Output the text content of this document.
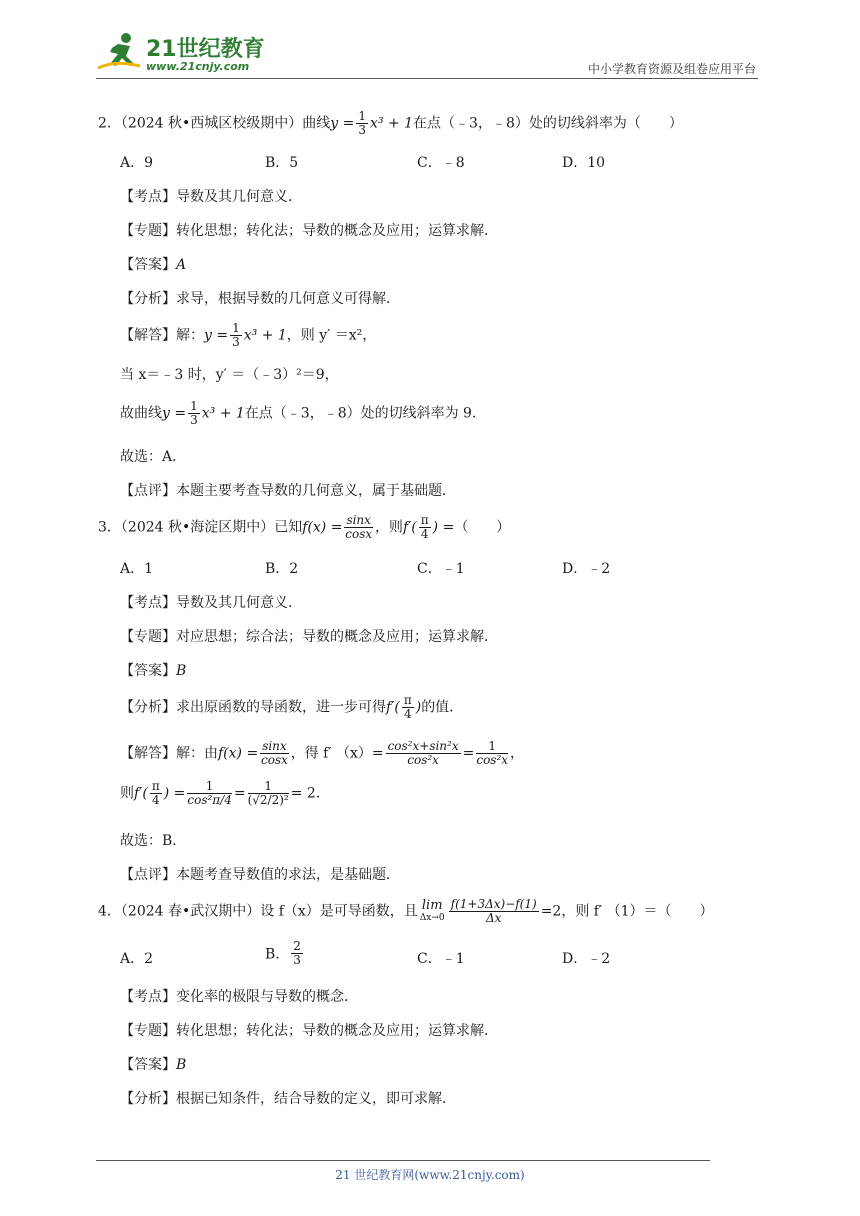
21世纪教育
www.21cnjy.com	中小学教育资源及组卷应用平台
2．（2024 秋•西城区校级期中）曲线$y = \frac{1}{3} x^3 + 1$在点（﹣3，﹣8）处的切线斜率为（　　）
A．9	B．5	C．﹣8	D．10
【考点】导数及其几何意义．
【专题】转化思想；转化法；导数的概念及应用；运算求解．
【答案】A
【分析】求导，根据导数的几何意义可得解．
【解答】解：$y = \frac{1}{3} x^3 + 1$，则 y′ ＝x²，
当 x＝﹣3 时，y′ ＝（﹣3）²＝9，
故曲线$y = \frac{1}{3} x^3 + 1$在点（﹣3，﹣8）处的切线斜率为 9．
故选：A．
【点评】本题主要考查导数的几何意义，属于基础题．
3．（2024 秋•海淀区期中）已知$f(x) = \frac{\sin x}{\cos x}$ ，则$f'( \frac{\pi}{4}$ ) =（　　）
A．1	B．2	C．﹣1	D．﹣2
【考点】导数及其几何意义．
【专题】对应思想；综合法；导数的概念及应用；运算求解．
【答案】B
【分析】求出原函数的导函数，进一步可得$f'( \frac{\pi}{4}$ )的值．
【解答】解：由$f(x) = \frac{\sin x}{\cos x}$ ，得 f′ $(x)= \frac{\text{cos²x+sin²x}}{\text{cos²x}} = \frac{1}{\text{cos²x}}$ ，
则$f'( \frac{\pi}{4}$ ) = $\frac{1}{\text{cos²π/4}} = \frac{1}{\text{(√2/2)²}} = 2$．
故选：B．
【点评】本题考查导数值的求法，是基础题．
4．（2024 春•武汉期中）设 f（x）是可导函数，且 lim
$\Delta x\to 0 \frac{f(1+3\Delta x)-f(1)}{\Delta x} =2$，则 f′ （1）＝（　　）
A．2	B． $\frac{2}{3}$	C．﹣1	D．﹣2
【考点】变化率的极限与导数的概念．
【专题】转化思想；转化法；导数的概念及应用；运算求解．
【答案】B
【分析】根据已知条件，结合导数的定义，即可求解．
21 世纪教育网(www.21cnjy.com)
